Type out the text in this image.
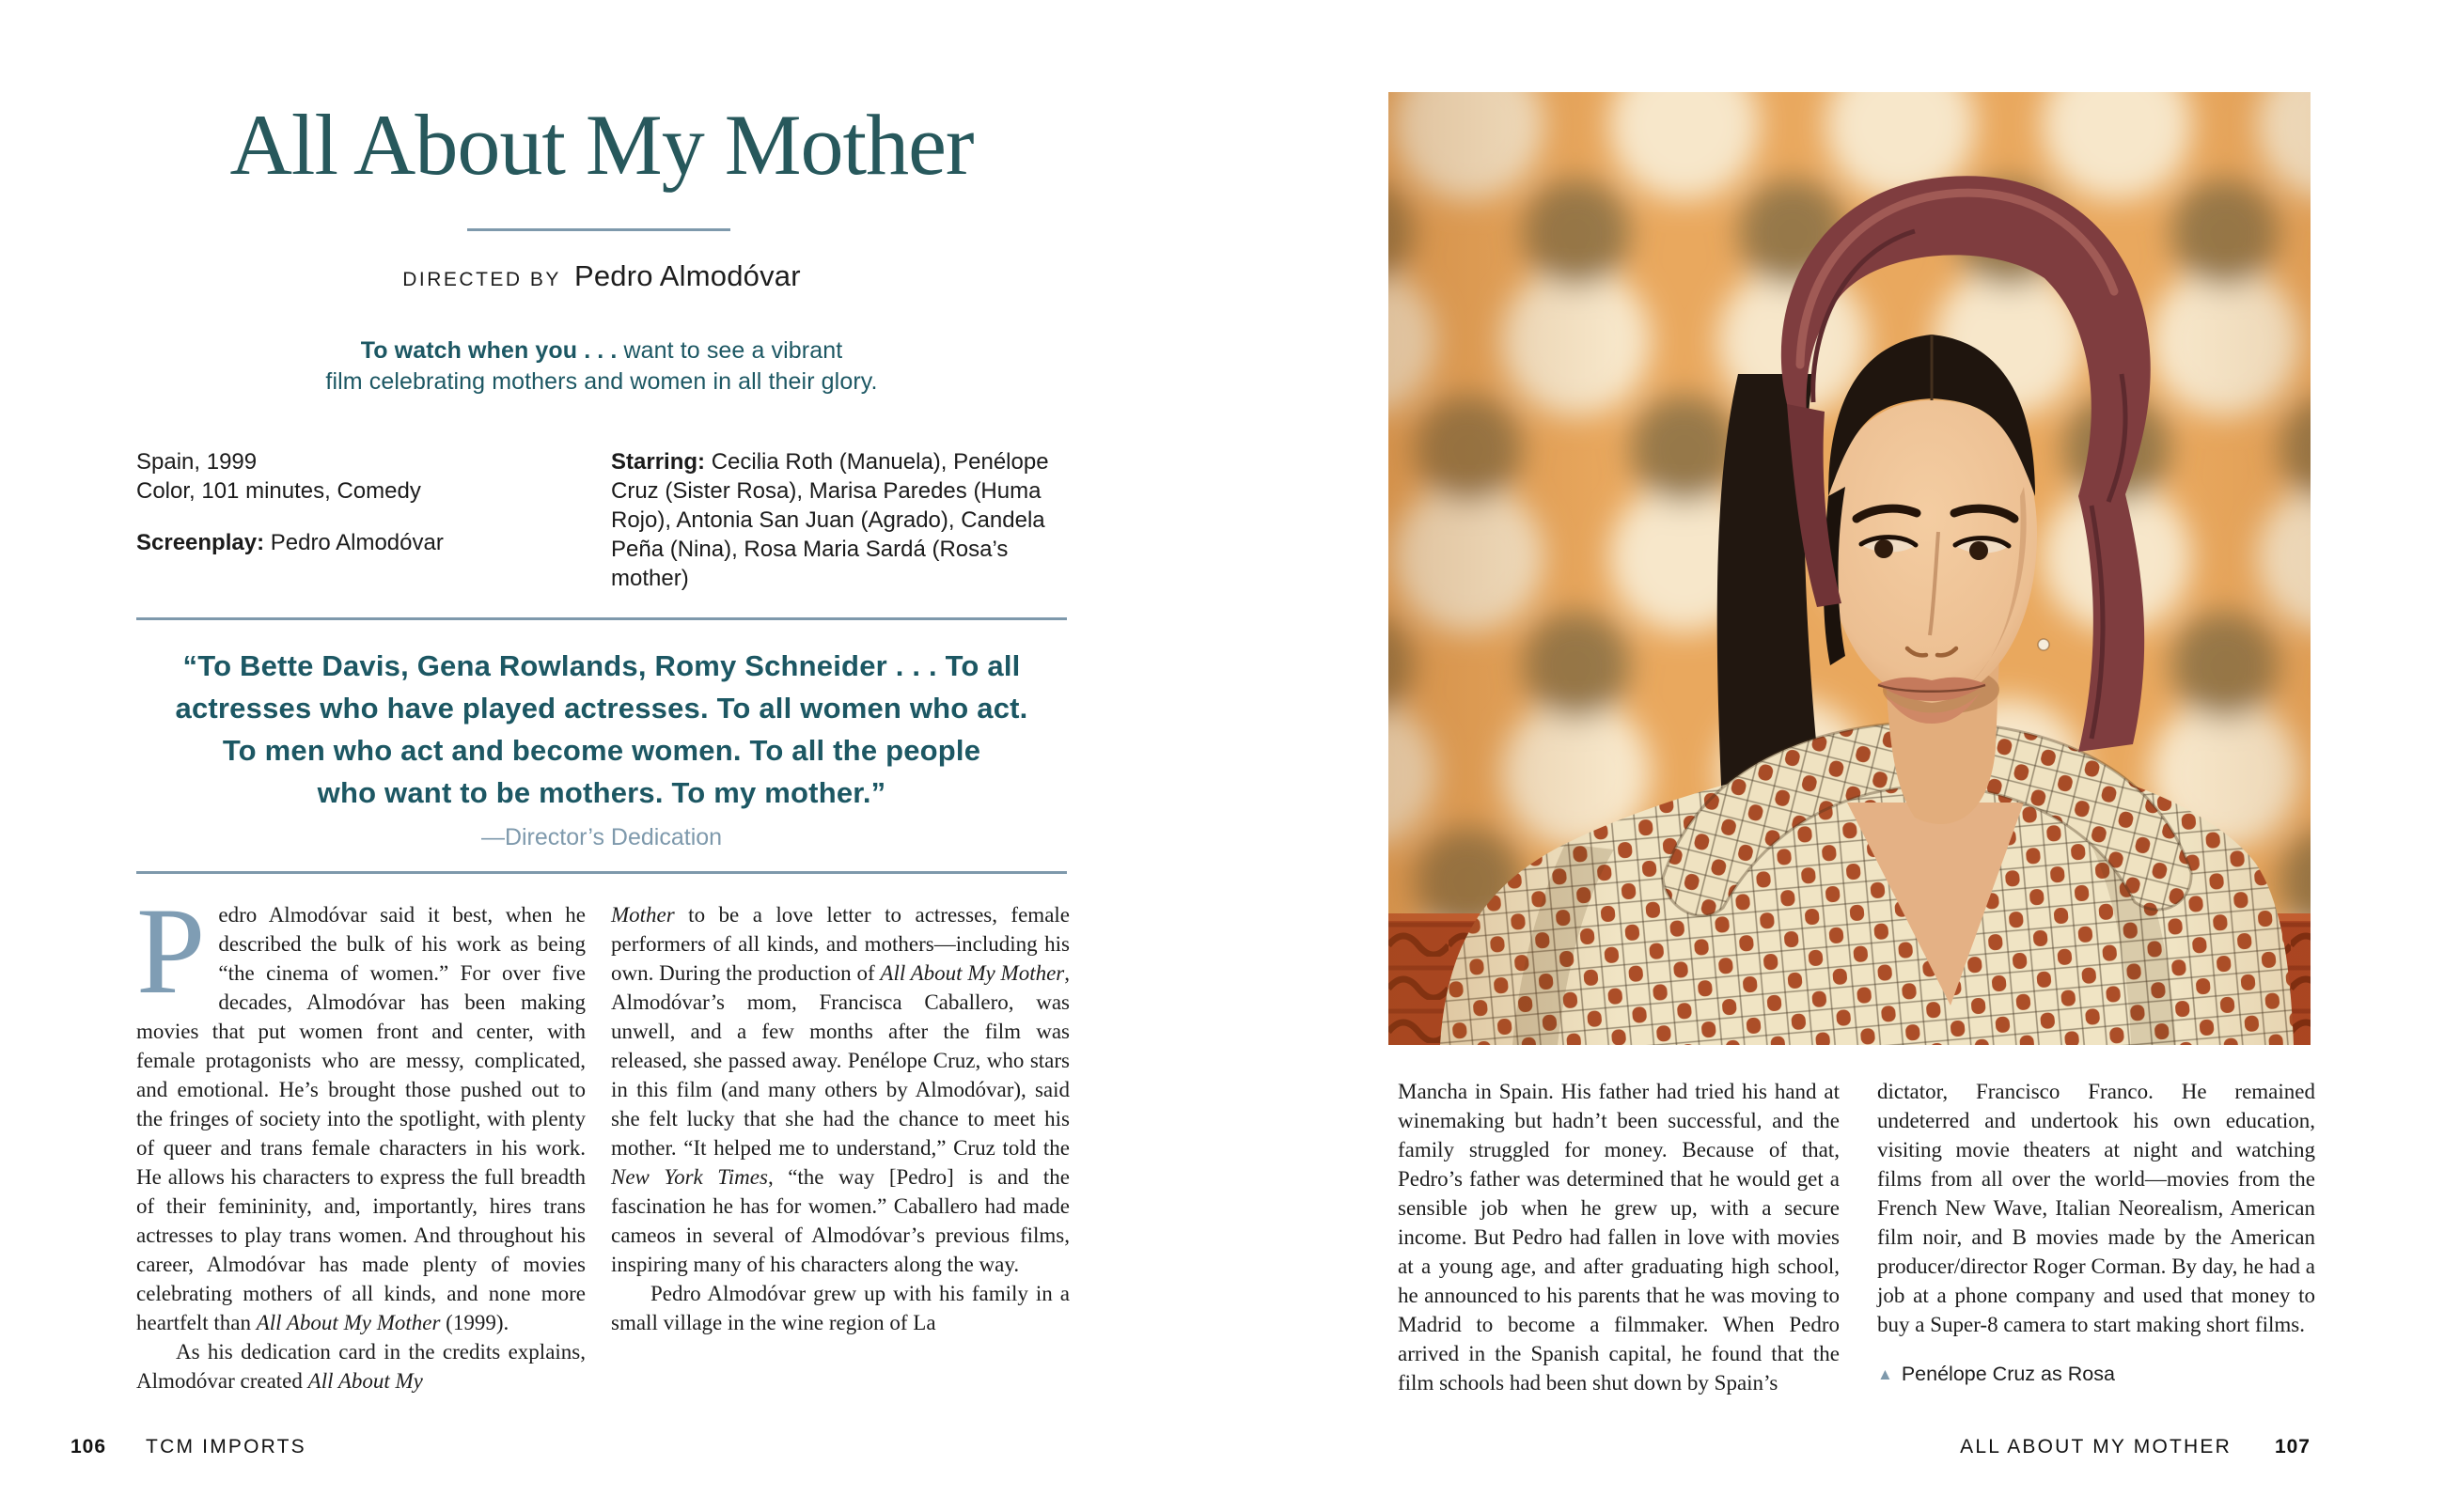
All About My Mother
DIRECTED BY Pedro Almodóvar
To watch when you . . . want to see a vibrant
film celebrating mothers and women in all their glory.
Spain, 1999
Color, 101 minutes, Comedy
Screenplay: Pedro Almodóvar
Starring: Cecilia Roth (Manuela), Penélope Cruz (Sister Rosa), Marisa Paredes (Huma Rojo), Antonia San Juan (Agrado), Candela Peña (Nina), Rosa Maria Sardá (Rosa’s mother)
“To Bette Davis, Gena Rowlands, Romy Schneider . . . To all
actresses who have played actresses. To all women who act.
To men who act and become women. To all the people
who want to be mothers. To my mother.”
—Director’s Dedication

Pedro Almodóvar said it best, when he described the bulk of his work as being “the cinema of women.” For over five decades, Almodóvar has been making movies that put women front and center, with female protagonists who are messy, complicated, and emotional. He’s brought those pushed out to the fringes of society into the spotlight, with plenty of queer and trans female characters in his work. He allows his characters to express the full breadth of their femininity, and, importantly, hires trans actresses to play trans women. And throughout his career, Almodóvar has made plenty of movies celebrating mothers of all kinds, and none more heartfelt than All About My Mother (1999).

As his dedication card in the credits explains, Almodóvar created All About My

Mother to be a love letter to actresses, female performers of all kinds, and mothers—including his own. During the production of All About My Mother, Almodóvar’s mom, Francisca Caballero, was unwell, and a few months after the film was released, she passed away. Penélope Cruz, who stars in this film (and many others by Almodóvar), said she felt lucky that she had the chance to meet his mother. “It helped me to understand,” Cruz told the New York Times, “the way [Pedro] is and the fascination he has for women.” Caballero had made cameos in several of Almodóvar’s previous films, inspiring many of his characters along the way.

Pedro Almodóvar grew up with his family in a small village in the wine region of La

106 TCM IMPORTS

Mancha in Spain. His father had tried his hand at winemaking but hadn’t been successful, and the family struggled for money. Because of that, Pedro’s father was determined that he would get a sensible job when he grew up, with a secure income. But Pedro had fallen in love with movies at a young age, and after graduating high school, he announced to his parents that he was moving to Madrid to become a filmmaker. When Pedro arrived in the Spanish capital, he found that the film schools had been shut down by Spain’s

dictator, Francisco Franco. He remained undeterred and undertook his own education, visiting movie theaters at night and watching films from all over the world—movies from the French New Wave, Italian Neorealism, American film noir, and B movies made by the American producer/director Roger Corman. By day, he had a job at a phone company and used that money to buy a Super-8 camera to start making short films.

▲ Penélope Cruz as Rosa
ALL ABOUT MY MOTHER 107
